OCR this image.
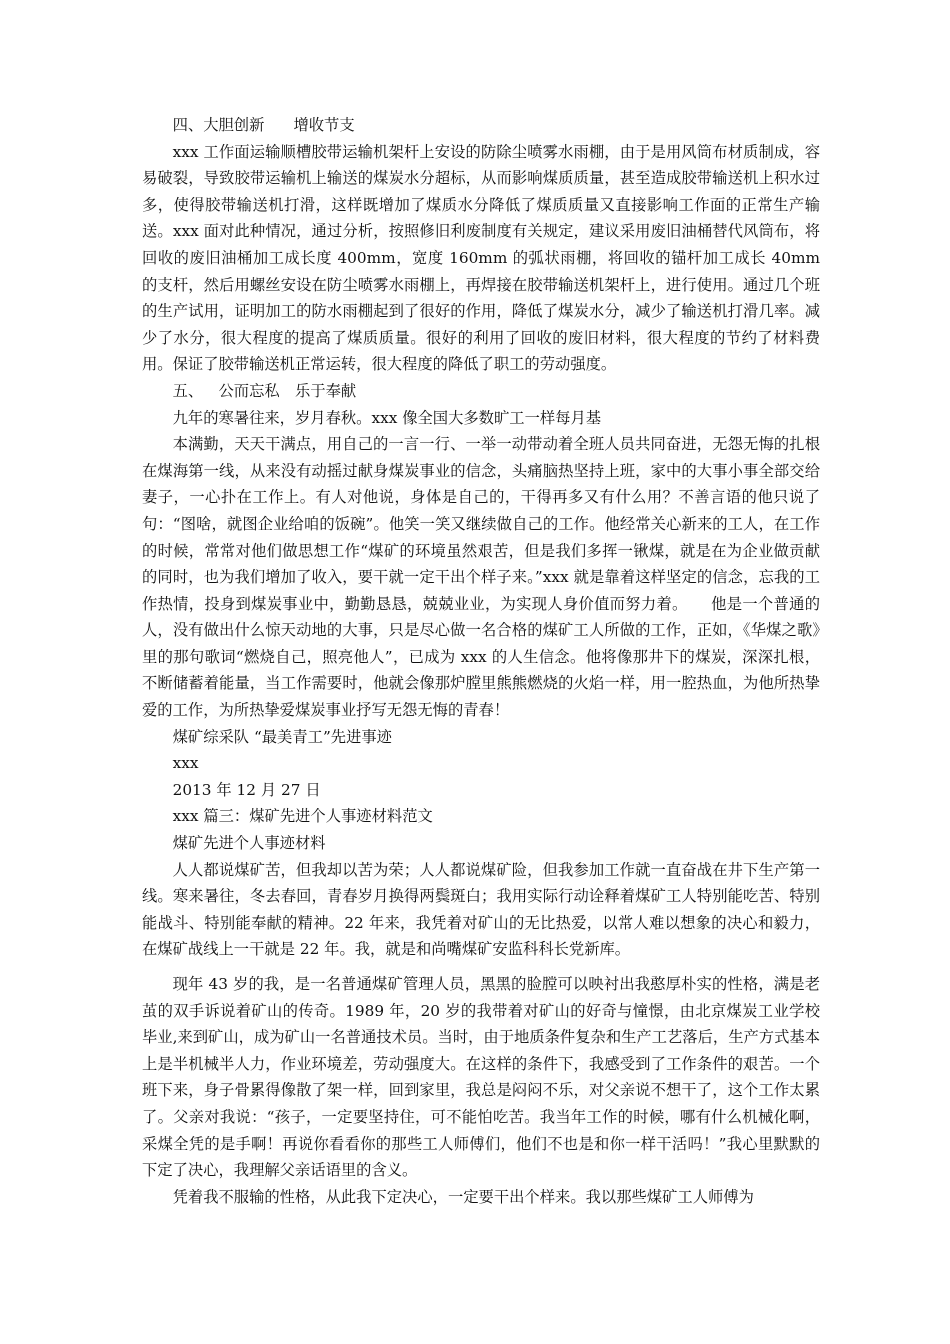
四、大胆创新 增收节支

xxx 工作面运输顺槽胶带运输机架杆上安设的防除尘喷雾水雨棚，由于是用风筒布材质制成，容易破裂，导致胶带运输机上输送的煤炭水分超标，从而影响煤质质量，甚至造成胶带输送机上积水过多，使得胶带输送机打滑，这样既增加了煤质水分降低了煤质质量又直接影响工作面的正常生产输送。xxx 面对此种情况，通过分析，按照修旧利废制度有关规定，建议采用废旧油桶替代风筒布，将回收的废旧油桶加工成长度 400mm，宽度 160mm 的弧状雨棚，将回收的锚杆加工成长 40mm 的支杆，然后用螺丝安设在防尘喷雾水雨棚上，再焊接在胶带输送机架杆上，进行使用。通过几个班的生产试用，证明加工的防水雨棚起到了很好的作用，降低了煤炭水分，减少了输送机打滑几率。减少了水分，很大程度的提高了煤质质量。很好的利用了回收的废旧材料，很大程度的节约了材料费用。保证了胶带输送机正常运转，很大程度的降低了职工的劳动强度。

五、 公而忘私 乐于奉献

九年的寒暑往来，岁月春秋。xxx 像全国大多数旷工一样每月基

本满勤，天天干满点，用自己的一言一行、一举一动带动着全班人员共同奋进，无怨无悔的扎根在煤海第一线，从来没有动摇过献身煤炭事业的信念，头痛脑热坚持上班，家中的大事小事全部交给妻子，一心扑在工作上。有人对他说，身体是自己的，干得再多又有什么用？不善言语的他只说了句：“图啥，就图企业给咱的饭碗”。他笑一笑又继续做自己的工作。他经常关心新来的工人，在工作的时候，常常对他们做思想工作“煤矿的环境虽然艰苦，但是我们多挥一锹煤，就是在为企业做贡献的同时，也为我们增加了收入，要干就一定干出个样子来。”xxx 就是靠着这样坚定的信念，忘我的工作热情，投身到煤炭事业中，勤勤恳恳，兢兢业业，为实现人身价值而努力着。　　他是一个普通的人，没有做出什么惊天动地的大事，只是尽心做一名合格的煤矿工人所做的工作，正如，《华煤之歌》里的那句歌词“燃烧自己，照亮他人”，已成为 xxx 的人生信念。他将像那井下的煤炭，深深扎根，不断储蓄着能量，当工作需要时，他就会像那炉膛里熊熊燃烧的火焰一样，用一腔热血，为他所热挚爱的工作，为所热挚爱煤炭事业抒写无怨无悔的青春！

煤矿综采队 “最美青工”先进事迹

xxx

2013 年 12 月 27 日

xxx 篇三：煤矿先进个人事迹材料范文

煤矿先进个人事迹材料

人人都说煤矿苦，但我却以苦为荣；人人都说煤矿险，但我参加工作就一直奋战在井下生产第一线。寒来暑往，冬去春回，青春岁月换得两鬓斑白；我用实际行动诠释着煤矿工人特别能吃苦、特别能战斗、特别能奉献的精神。22 年来，我凭着对矿山的无比热爱，以常人难以想象的决心和毅力，在煤矿战线上一干就是 22 年。我，就是和尚嘴煤矿安监科科长党新库。

现年 43 岁的我，是一名普通煤矿管理人员，黑黑的脸膛可以映衬出我憨厚朴实的性格，满是老茧的双手诉说着矿山的传奇。1989 年，20 岁的我带着对矿山的好奇与憧憬，由北京煤炭工业学校毕业,来到矿山，成为矿山一名普通技术员。当时，由于地质条件复杂和生产工艺落后，生产方式基本上是半机械半人力，作业环境差，劳动强度大。在这样的条件下，我感受到了工作条件的艰苦。一个班下来，身子骨累得像散了架一样，回到家里，我总是闷闷不乐，对父亲说不想干了，这个工作太累了。父亲对我说：“孩子，一定要坚持住，可不能怕吃苦。我当年工作的时候，哪有什么机械化啊，采煤全凭的是手啊！再说你看看你的那些工人师傅们，他们不也是和你一样干活吗！”我心里默默的下定了决心，我理解父亲话语里的含义。

凭着我不服输的性格，从此我下定决心，一定要干出个样来。我以那些煤矿工人师傅为
